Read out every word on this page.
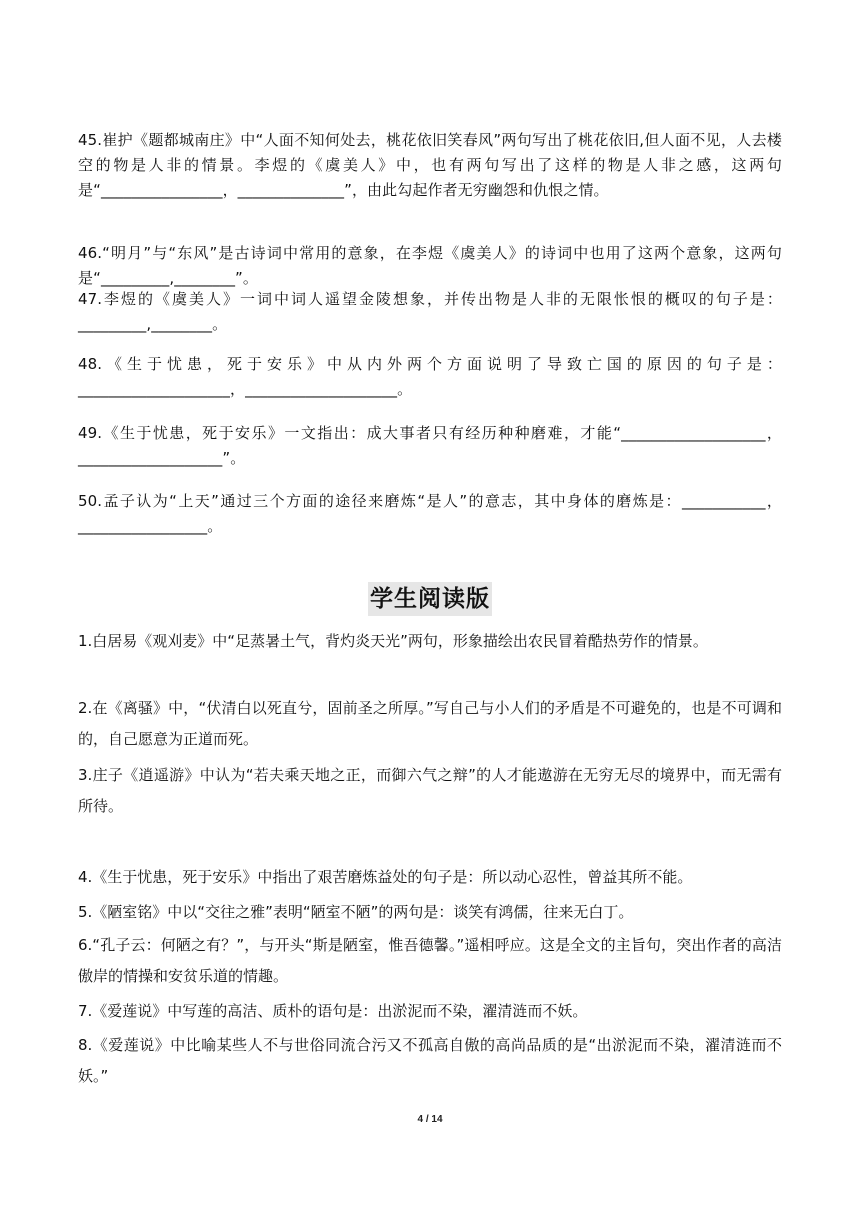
45.崔护《题都城南庄》中“人面不知何处去，桃花依旧笑春风”两句写出了桃花依旧,但人面不见，人去楼空的物是人非的情景。李煜的《虞美人》中，也有两句写出了这样的物是人非之感，这两句是“________________，______________”，由此勾起作者无穷幽怨和仇恨之情。

46.“明月”与“东风”是古诗词中常用的意象，在李煜《虞美人》的诗词中也用了这两个意象，这两句是“_________,________”。

47.李煜的《虞美人》一词中词人遥望金陵想象，并传出物是人非的无限怅恨的概叹的句子是：_________,________。

48.《生于忧患，死于安乐》中从内外两个方面说明了导致亡国的原因的句子是：____________________，____________________。

49.《生于忧患，死于安乐》一文指出：成大事者只有经历种种磨难，才能“___________________，___________________”。

50.孟子认为“上天”通过三个方面的途径来磨炼“是人”的意志，其中身体的磨炼是：___________，_________________。

学生阅读版

1.白居易《观刈麦》中“足蒸暑土气，背灼炎天光”两句，形象描绘出农民冒着酷热劳作的情景。

2.在《离骚》中，“伏清白以死直兮，固前圣之所厚。”写自己与小人们的矛盾是不可避免的，也是不可调和的，自己愿意为正道而死。

3.庄子《逍遥游》中认为“若夫乘天地之正，而御六气之辩”的人才能遨游在无穷无尽的境界中，而无需有所待。

4.《生于忧患，死于安乐》中指出了艰苦磨炼益处的句子是：所以动心忍性，曾益其所不能。

5.《陋室铭》中以“交往之雅”表明“陋室不陋”的两句是：谈笑有鸿儒，往来无白丁。

6.“孔子云：何陋之有？”，与开头“斯是陋室，惟吾德馨。”遥相呼应。这是全文的主旨句，突出作者的高洁傲岸的情操和安贫乐道的情趣。

7.《爱莲说》中写莲的高洁、质朴的语句是：出淤泥而不染，濯清涟而不妖。

8.《爱莲说》中比喻某些人不与世俗同流合污又不孤高自傲的高尚品质的是“出淤泥而不染，濯清涟而不妖。”

4 / 14
